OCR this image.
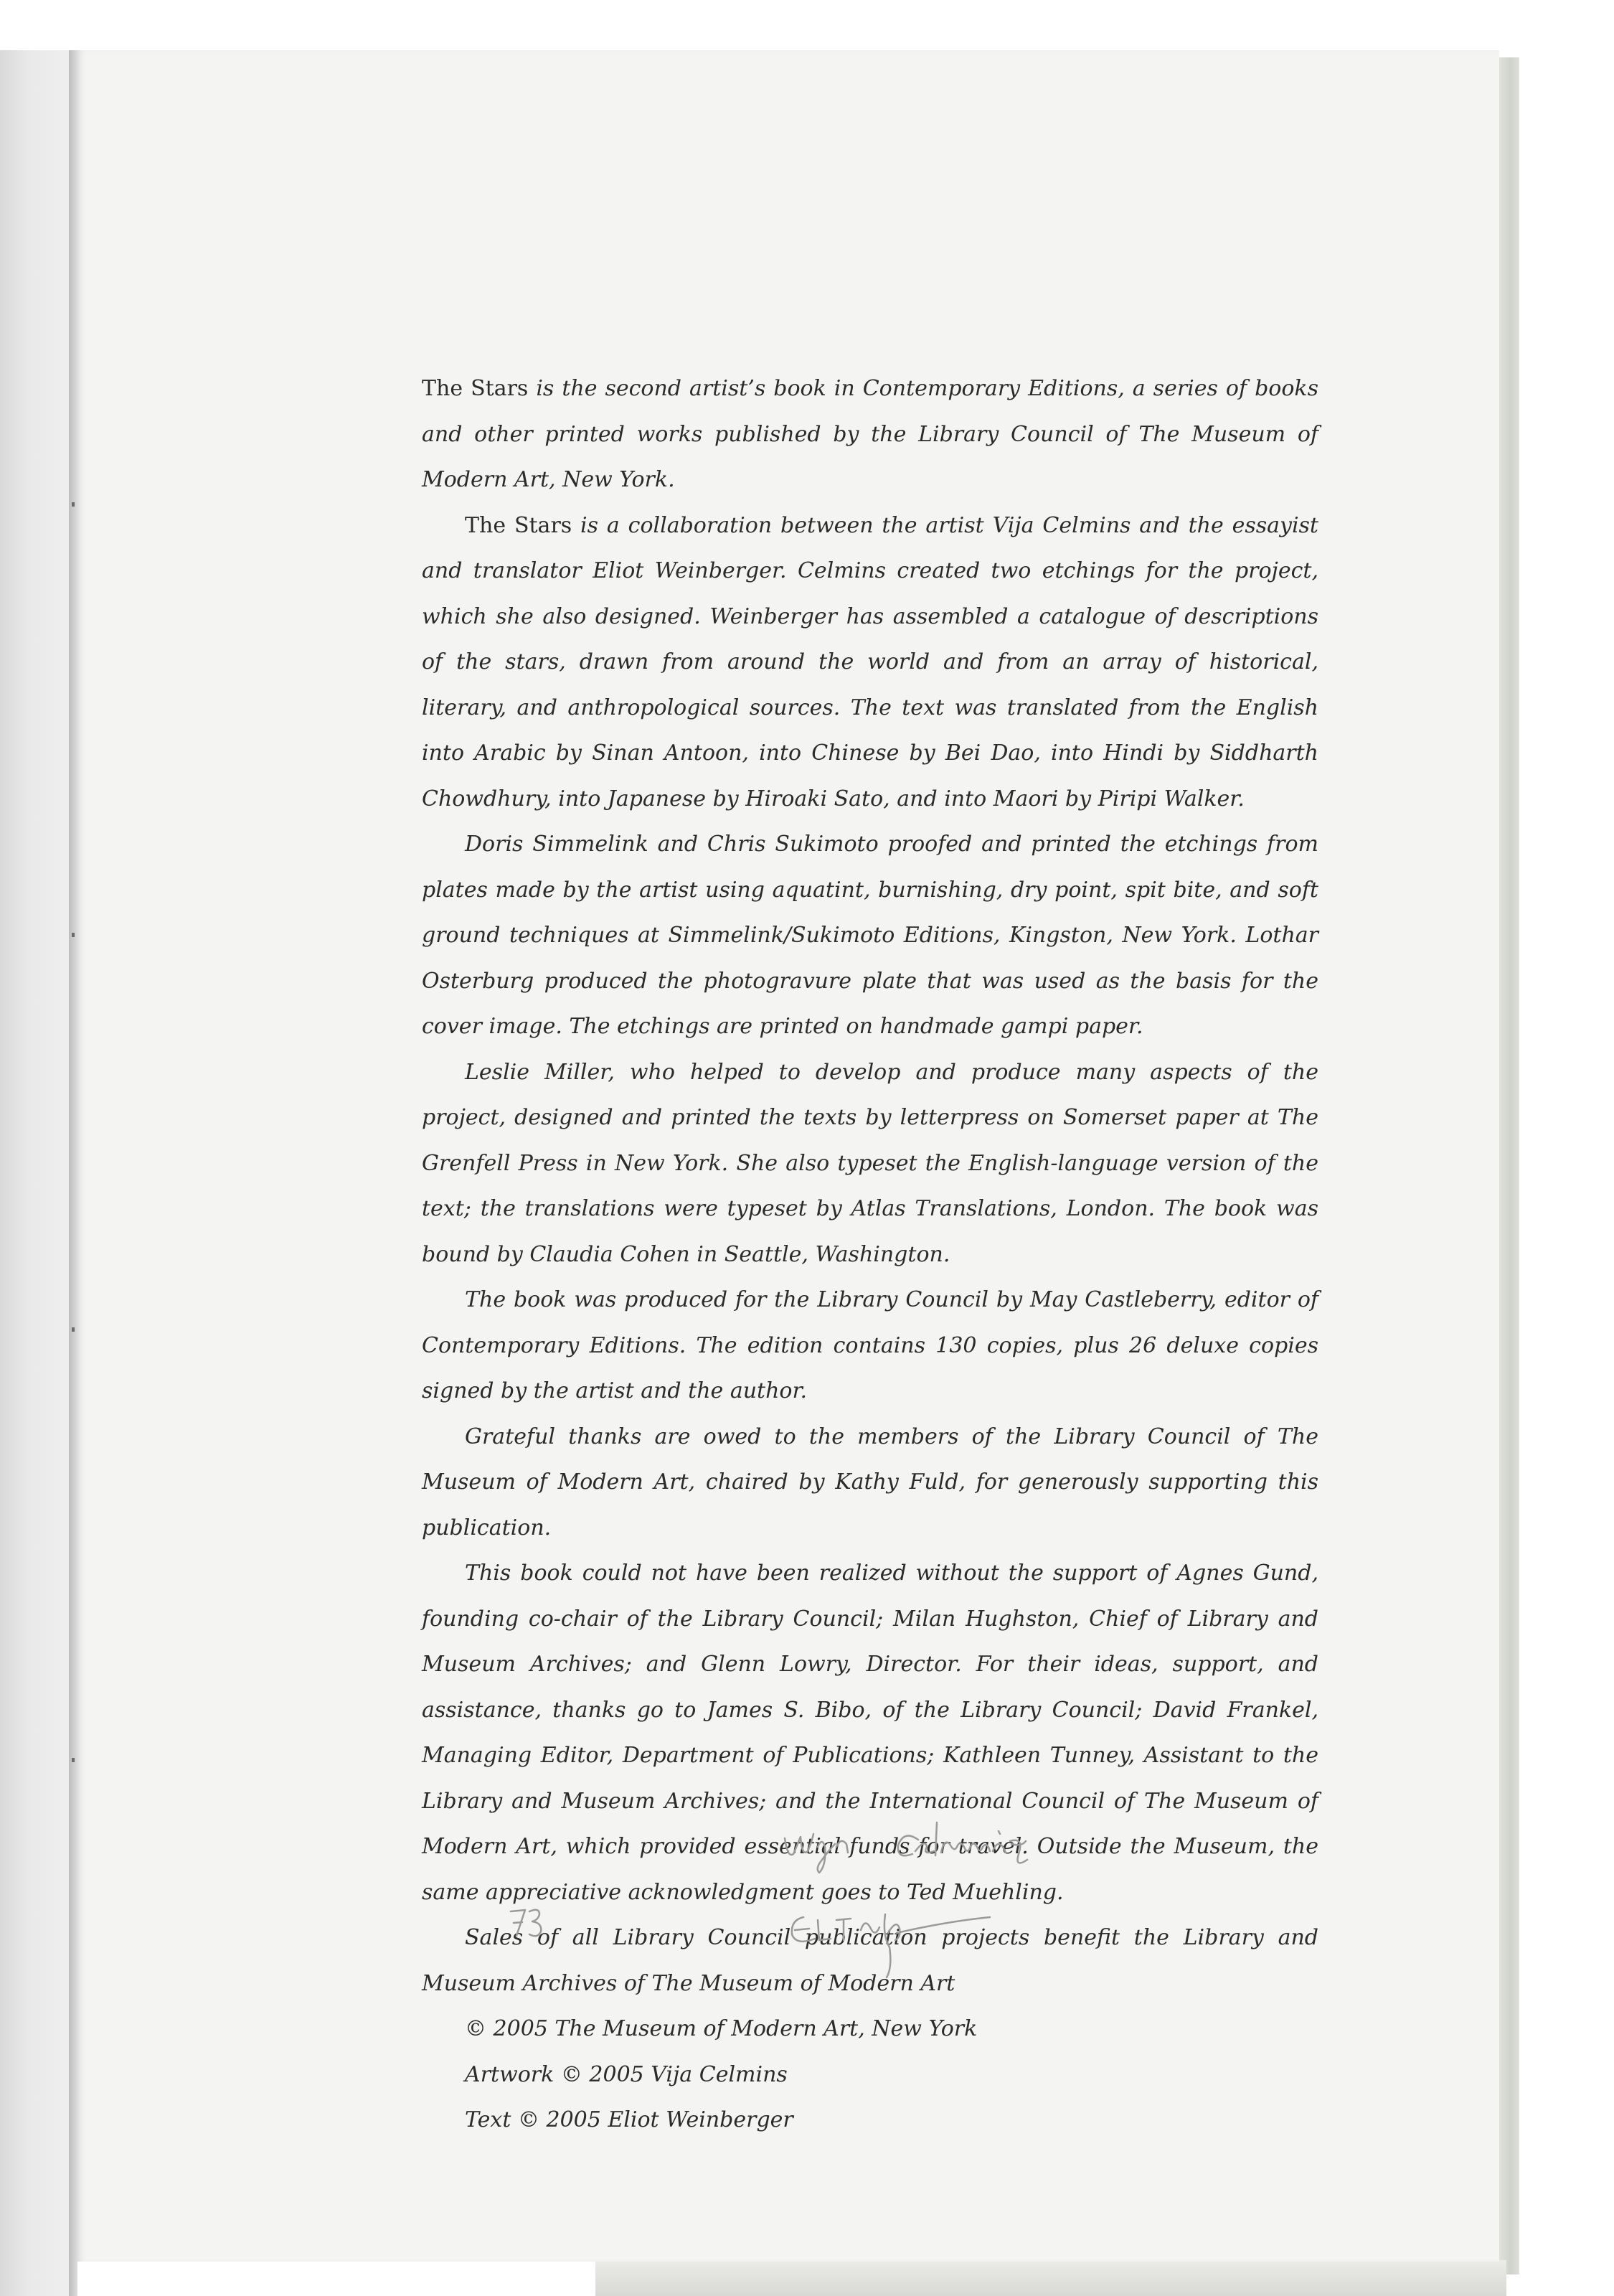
The Stars is the second artist’s book in Contemporary Editions, a series of books and other printed works published by the Library Council of The Museum of Modern Art, New York.

The Stars is a collaboration between the artist Vija Celmins and the essayist and translator Eliot Weinberger. Celmins created two etchings for the project, which she also designed. Weinberger has assembled a catalogue of descriptions of the stars, drawn from around the world and from an array of historical, literary, and anthropological sources. The text was translated from the English into Arabic by Sinan Antoon, into Chinese by Bei Dao, into Hindi by Siddharth Chowdhury, into Japanese by Hiroaki Sato, and into Maori by Piripi Walker.

Doris Simmelink and Chris Sukimoto proofed and printed the etchings from plates made by the artist using aquatint, burnishing, dry point, spit bite, and soft ground techniques at Simmelink/Sukimoto Editions, Kingston, New York. Lothar Osterburg produced the photogravure plate that was used as the basis for the cover image. The etchings are printed on handmade gampi paper.

Leslie Miller, who helped to develop and produce many aspects of the project, designed and printed the texts by letterpress on Somerset paper at The Grenfell Press in New York. She also typeset the English-language version of the text; the translations were typeset by Atlas Translations, London. The book was bound by Claudia Cohen in Seattle, Washington.

The book was produced for the Library Council by May Castleberry, editor of Contemporary Editions. The edition contains 130 copies, plus 26 deluxe copies signed by the artist and the author.

Grateful thanks are owed to the members of the Library Council of The Museum of Modern Art, chaired by Kathy Fuld, for generously supporting this publication.

This book could not have been realized without the support of Agnes Gund, founding co-chair of the Library Council; Milan Hughston, Chief of Library and Museum Archives; and Glenn Lowry, Director. For their ideas, support, and assistance, thanks go to James S. Bibo, of the Library Council; David Frankel, Managing Editor, Department of Publications; Kathleen Tunney, Assistant to the Library and Museum Archives; and the International Council of The Museum of Modern Art, which provided essential funds for travel. Outside the Museum, the same appreciative acknowledgment goes to Ted Muehling.

Sales of all Library Council publication projects benefit the Library and Museum Archives of The Museum of Modern Art

© 2005 The Museum of Modern Art, New York

Artwork © 2005 Vija Celmins

Text © 2005 Eliot Weinberger
